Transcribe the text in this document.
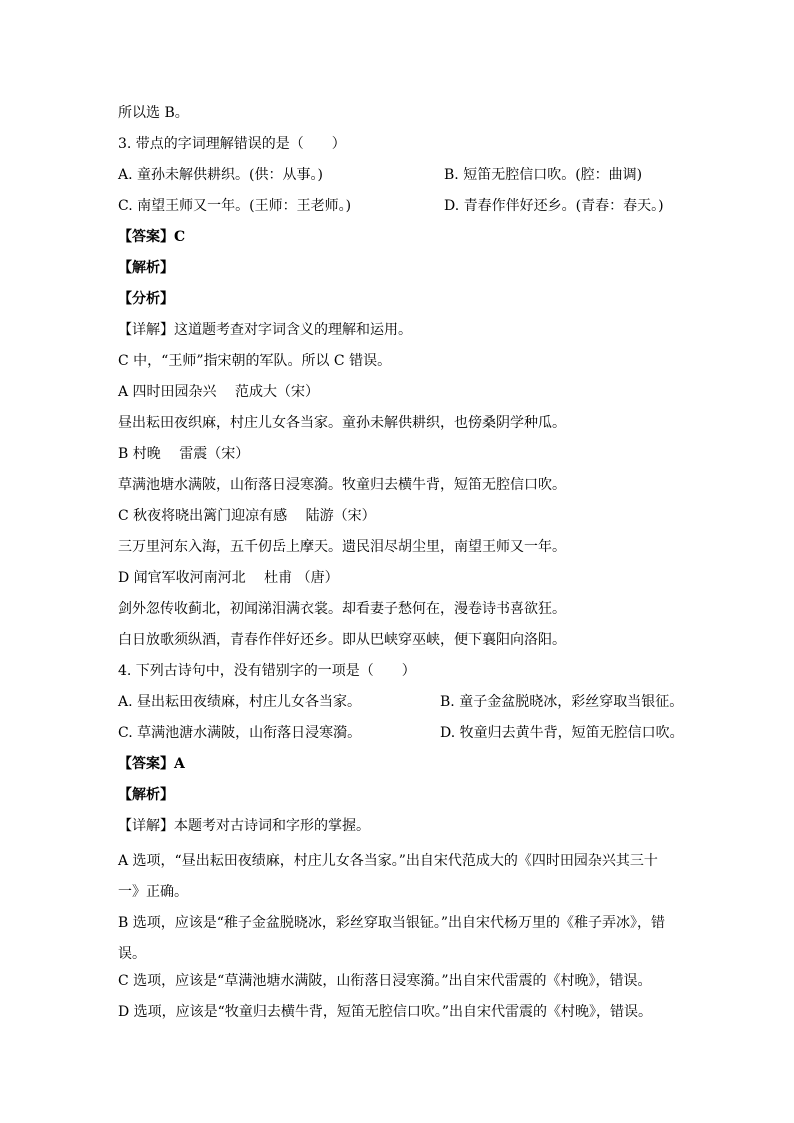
所以选 B。
3. 带点的字词理解错误的是（　　）
A. 童孙未解供耕织。(供：从事。)	B. 短笛无腔信口吹。(腔：曲调)
C. 南望王师又一年。(王师：王老师。)	D. 青春作伴好还乡。(青春：春天。)
【答案】C
【解析】
【分析】
【详解】这道题考查对字词含义的理解和运用。
C 中，“王师”指宋朝的军队。所以 C 错误。
A 四时田园杂兴　 范成大（宋）
昼出耘田夜织麻，村庄儿女各当家。童孙未解供耕织，也傍桑阴学种瓜。
B 村晚　 雷震（宋）
草满池塘水满陂，山衔落日浸寒漪。牧童归去横牛背，短笛无腔信口吹。
C 秋夜将晓出篱门迎凉有感　 陆游（宋）
三万里河东入海，五千仞岳上摩天。遗民泪尽胡尘里，南望王师又一年。
D 闻官军收河南河北　 杜甫 （唐）
剑外忽传收蓟北，初闻涕泪满衣裳。却看妻子愁何在，漫卷诗书喜欲狂。
白日放歌须纵酒，青春作伴好还乡。即从巴峡穿巫峡，便下襄阳向洛阳。
4. 下列古诗句中，没有错别字的一项是（　　）
A. 昼出耘田夜绩麻，村庄儿女各当家。	B. 童子金盆脱晓冰，彩丝穿取当银征。
C. 草满池溏水满陂，山衔落日浸寒漪。	D. 牧童归去黄牛背，短笛无腔信口吹。
【答案】A
【解析】
【详解】本题考对古诗词和字形的掌握。
A 选项，“昼出耘田夜绩麻，村庄儿女各当家。”出自宋代范成大的《四时田园杂兴其三十一》正确。
B 选项，应该是“稚子金盆脱晓冰，彩丝穿取当银钲。”出自宋代杨万里的《稚子弄冰》，错误。
C 选项，应该是“草满池塘水满陂，山衔落日浸寒漪。”出自宋代雷震的《村晚》，错误。
D 选项，应该是“牧童归去横牛背，短笛无腔信口吹。”出自宋代雷震的《村晚》，错误。
